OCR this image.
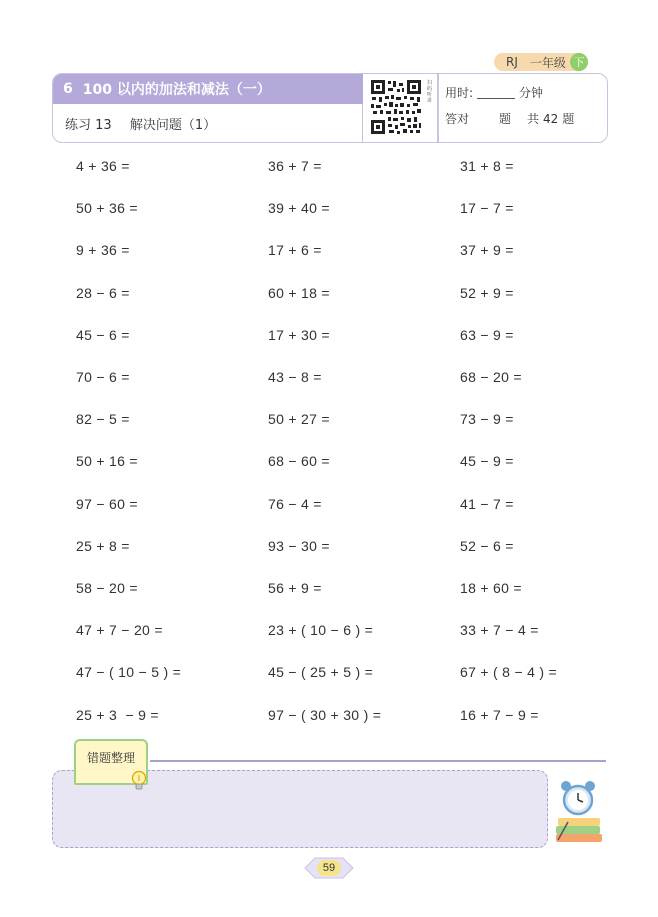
RJ 一年级 下
6 100 以内的加法和减法（一）
练习 13 解决问题（1）
扫码听讲
用时:	分钟
答对	题 共 42 题
4 + 36 =	36 + 7 =	31 + 8 =
50 + 36 =	39 + 40 =	17 − 7 =
9 + 36 =	17 + 6 =	37 + 9 =
28 − 6 =	60 + 18 =	52 + 9 =
45 − 6 =	17 + 30 =	63 − 9 =
70 − 6 =	43 − 8 =	68 − 20 =
82 − 5 =	50 + 27 =	73 − 9 =
50 + 16 =	68 − 60 =	45 − 9 =
97 − 60 =	76 − 4 =	41 − 7 =
25 + 8 =	93 − 30 =	52 − 6 =
58 − 20 =	56 + 9 =	18 + 60 =
47 + 7 − 20 =	23 + ( 10 − 6 ) =	33 + 7 − 4 =
47 − ( 10 − 5 ) =	45 − ( 25 + 5 ) =	67 + ( 8 − 4 ) =
25 + 3  − 9 =	97 − ( 30 + 30 ) =	16 + 7 − 9 =
错题整理
59
